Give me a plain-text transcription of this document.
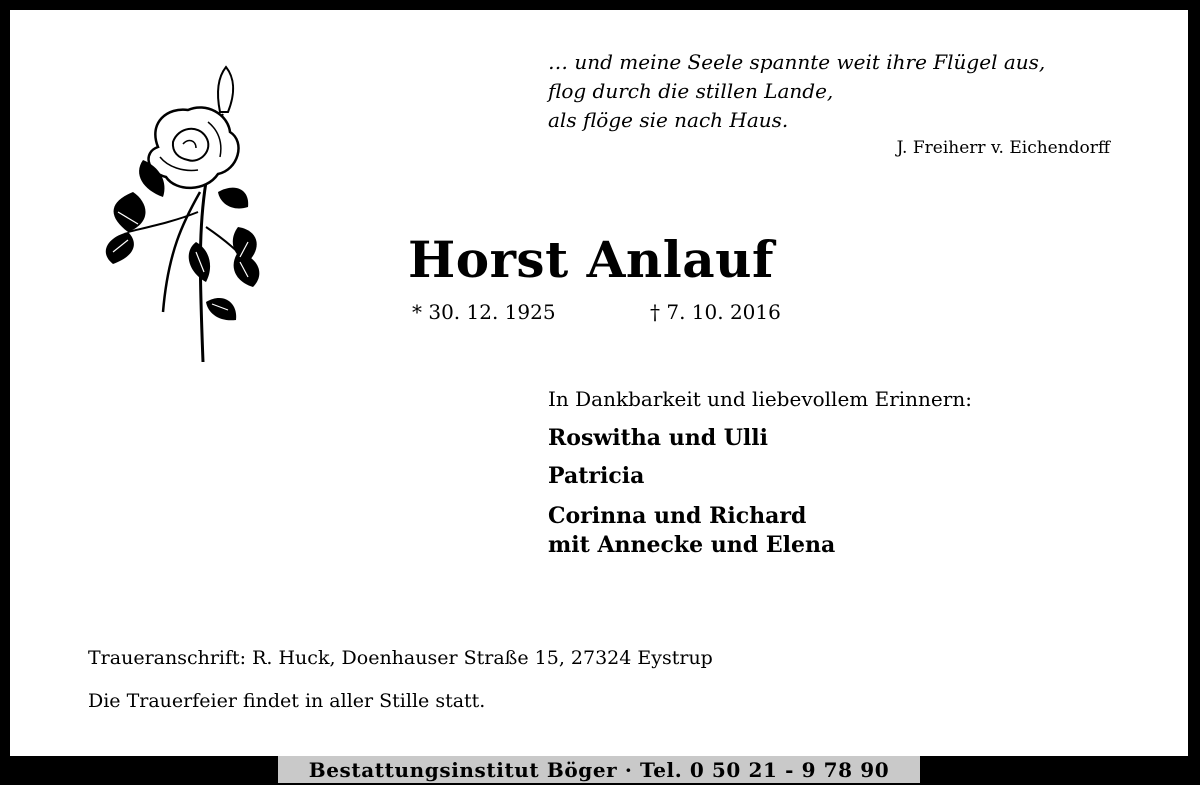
… und meine Seele spannte weit ihre Flügel aus,
flog durch die stillen Lande,
als flöge sie nach Haus.
J. Freiherr v. Eichendorff
Horst Anlauf
* 30. 12. 1925	† 7. 10. 2016
In Dankbarkeit und liebevollem Erinnern:
Roswitha und Ulli
Patricia
Corinna und Richard
mit Annecke und Elena
Traueranschrift: R. Huck, Doenhauser Straße 15, 27324 Eystrup
Die Trauerfeier findet in aller Stille statt.
Bestattungsinstitut Böger · Tel. 0 50 21 - 9 78 90
